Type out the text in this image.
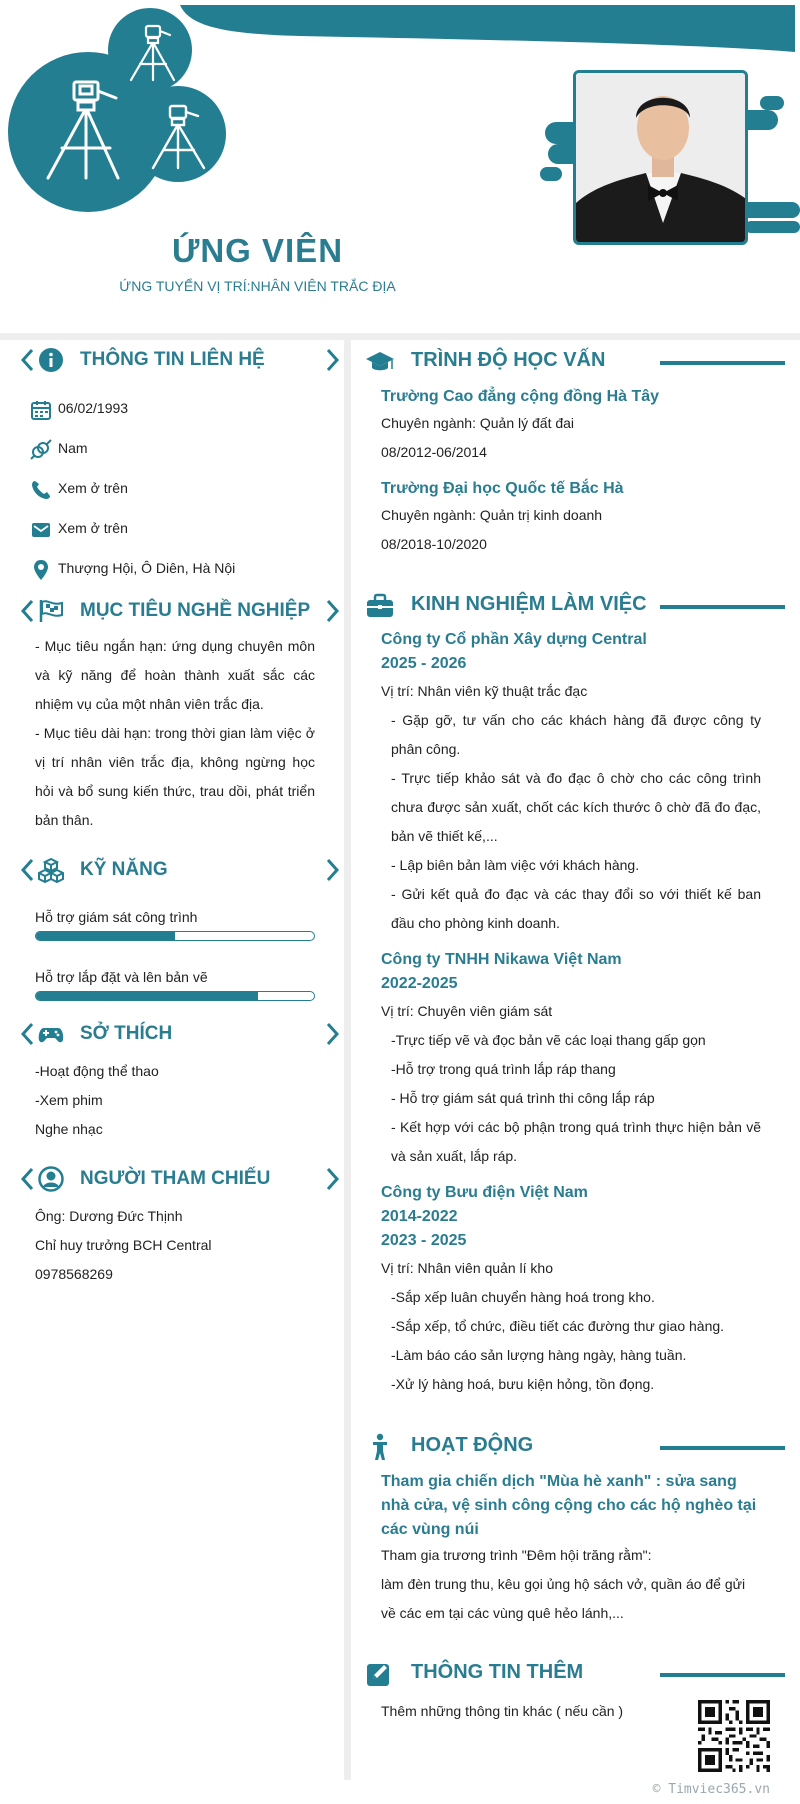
ỨNG VIÊN
ỨNG TUYỂN VỊ TRÍ:NHÂN VIÊN TRẮC ĐỊA
THÔNG TIN LIÊN HỆ
06/02/1993
Nam
Xem ở trên
Xem ở trên
Thượng Hội, Ô Diên, Hà Nội
MỤC TIÊU NGHỀ NGHIỆP
- Mục tiêu ngắn hạn: ứng dụng chuyên môn và kỹ năng để hoàn thành xuất sắc các nhiệm vụ của một nhân viên trắc địa.
- Mục tiêu dài hạn: trong thời gian làm việc ở vị trí nhân viên trắc địa, không ngừng học hỏi và bổ sung kiến thức, trau dồi, phát triển bản thân.
KỸ NĂNG
Hỗ trợ giám sát công trình
Hỗ trợ lắp đặt và lên bản vẽ
SỞ THÍCH
-Hoạt động thể thao
-Xem phim
Nghe nhạc
NGƯỜI THAM CHIẾU
Ông: Dương Đức Thịnh
Chỉ huy trưởng BCH Central
0978568269
TRÌNH ĐỘ HỌC VẤN
Trường Cao đẳng cộng đồng Hà Tây
Chuyên ngành: Quản lý đất đai
08/2012-06/2014
Trường Đại học Quốc tế Bắc Hà
Chuyên ngành: Quản trị kinh doanh
08/2018-10/2020
KINH NGHIỆM LÀM VIỆC
Công ty Cổ phần Xây dựng Central
2025 - 2026
Vị trí: Nhân viên kỹ thuật trắc đạc
- Gặp gỡ, tư vấn cho các khách hàng đã được công ty phân công.
- Trực tiếp khảo sát và đo đạc ô chờ cho các công trình chưa được sản xuất, chốt các kích thước ô chờ đã đo đạc, bản vẽ thiết kế,...
- Lập biên bản làm việc với khách hàng.
- Gửi kết quả đo đạc và các thay đổi so với thiết kế ban đầu cho phòng kinh doanh.
Công ty TNHH Nikawa Việt Nam
2022-2025
Vị trí: Chuyên viên giám sát
-Trực tiếp vẽ và đọc bản vẽ các loại thang gấp gọn
-Hỗ trợ trong quá trình lắp ráp thang
- Hỗ trợ giám sát quá trình thi công lắp ráp
- Kết hợp với các bộ phận trong quá trình thực hiện bản vẽ và sản xuất, lắp ráp.
Công ty Bưu điện Việt Nam
2014-2022
2023 - 2025
Vị trí: Nhân viên quản lí kho
-Sắp xếp luân chuyển hàng hoá trong kho.
-Sắp xếp, tổ chức, điều tiết các đường thư giao hàng.
-Làm báo cáo sản lượng hàng ngày, hàng tuần.
-Xử lý hàng hoá, bưu kiện hỏng, tồn đọng.
HOẠT ĐỘNG
Tham gia chiến dịch "Mùa hè xanh" : sửa sang nhà cửa, vệ sinh công cộng cho các hộ nghèo tại các vùng núi
Tham gia trương trình "Đêm hội trăng rằm":
làm đèn trung thu, kêu gọi ủng hộ sách vở, quần áo để gửi về các em tại các vùng quê hẻo lánh,...
THÔNG TIN THÊM
Thêm những thông tin khác ( nếu cần )
© Timviec365.vn
